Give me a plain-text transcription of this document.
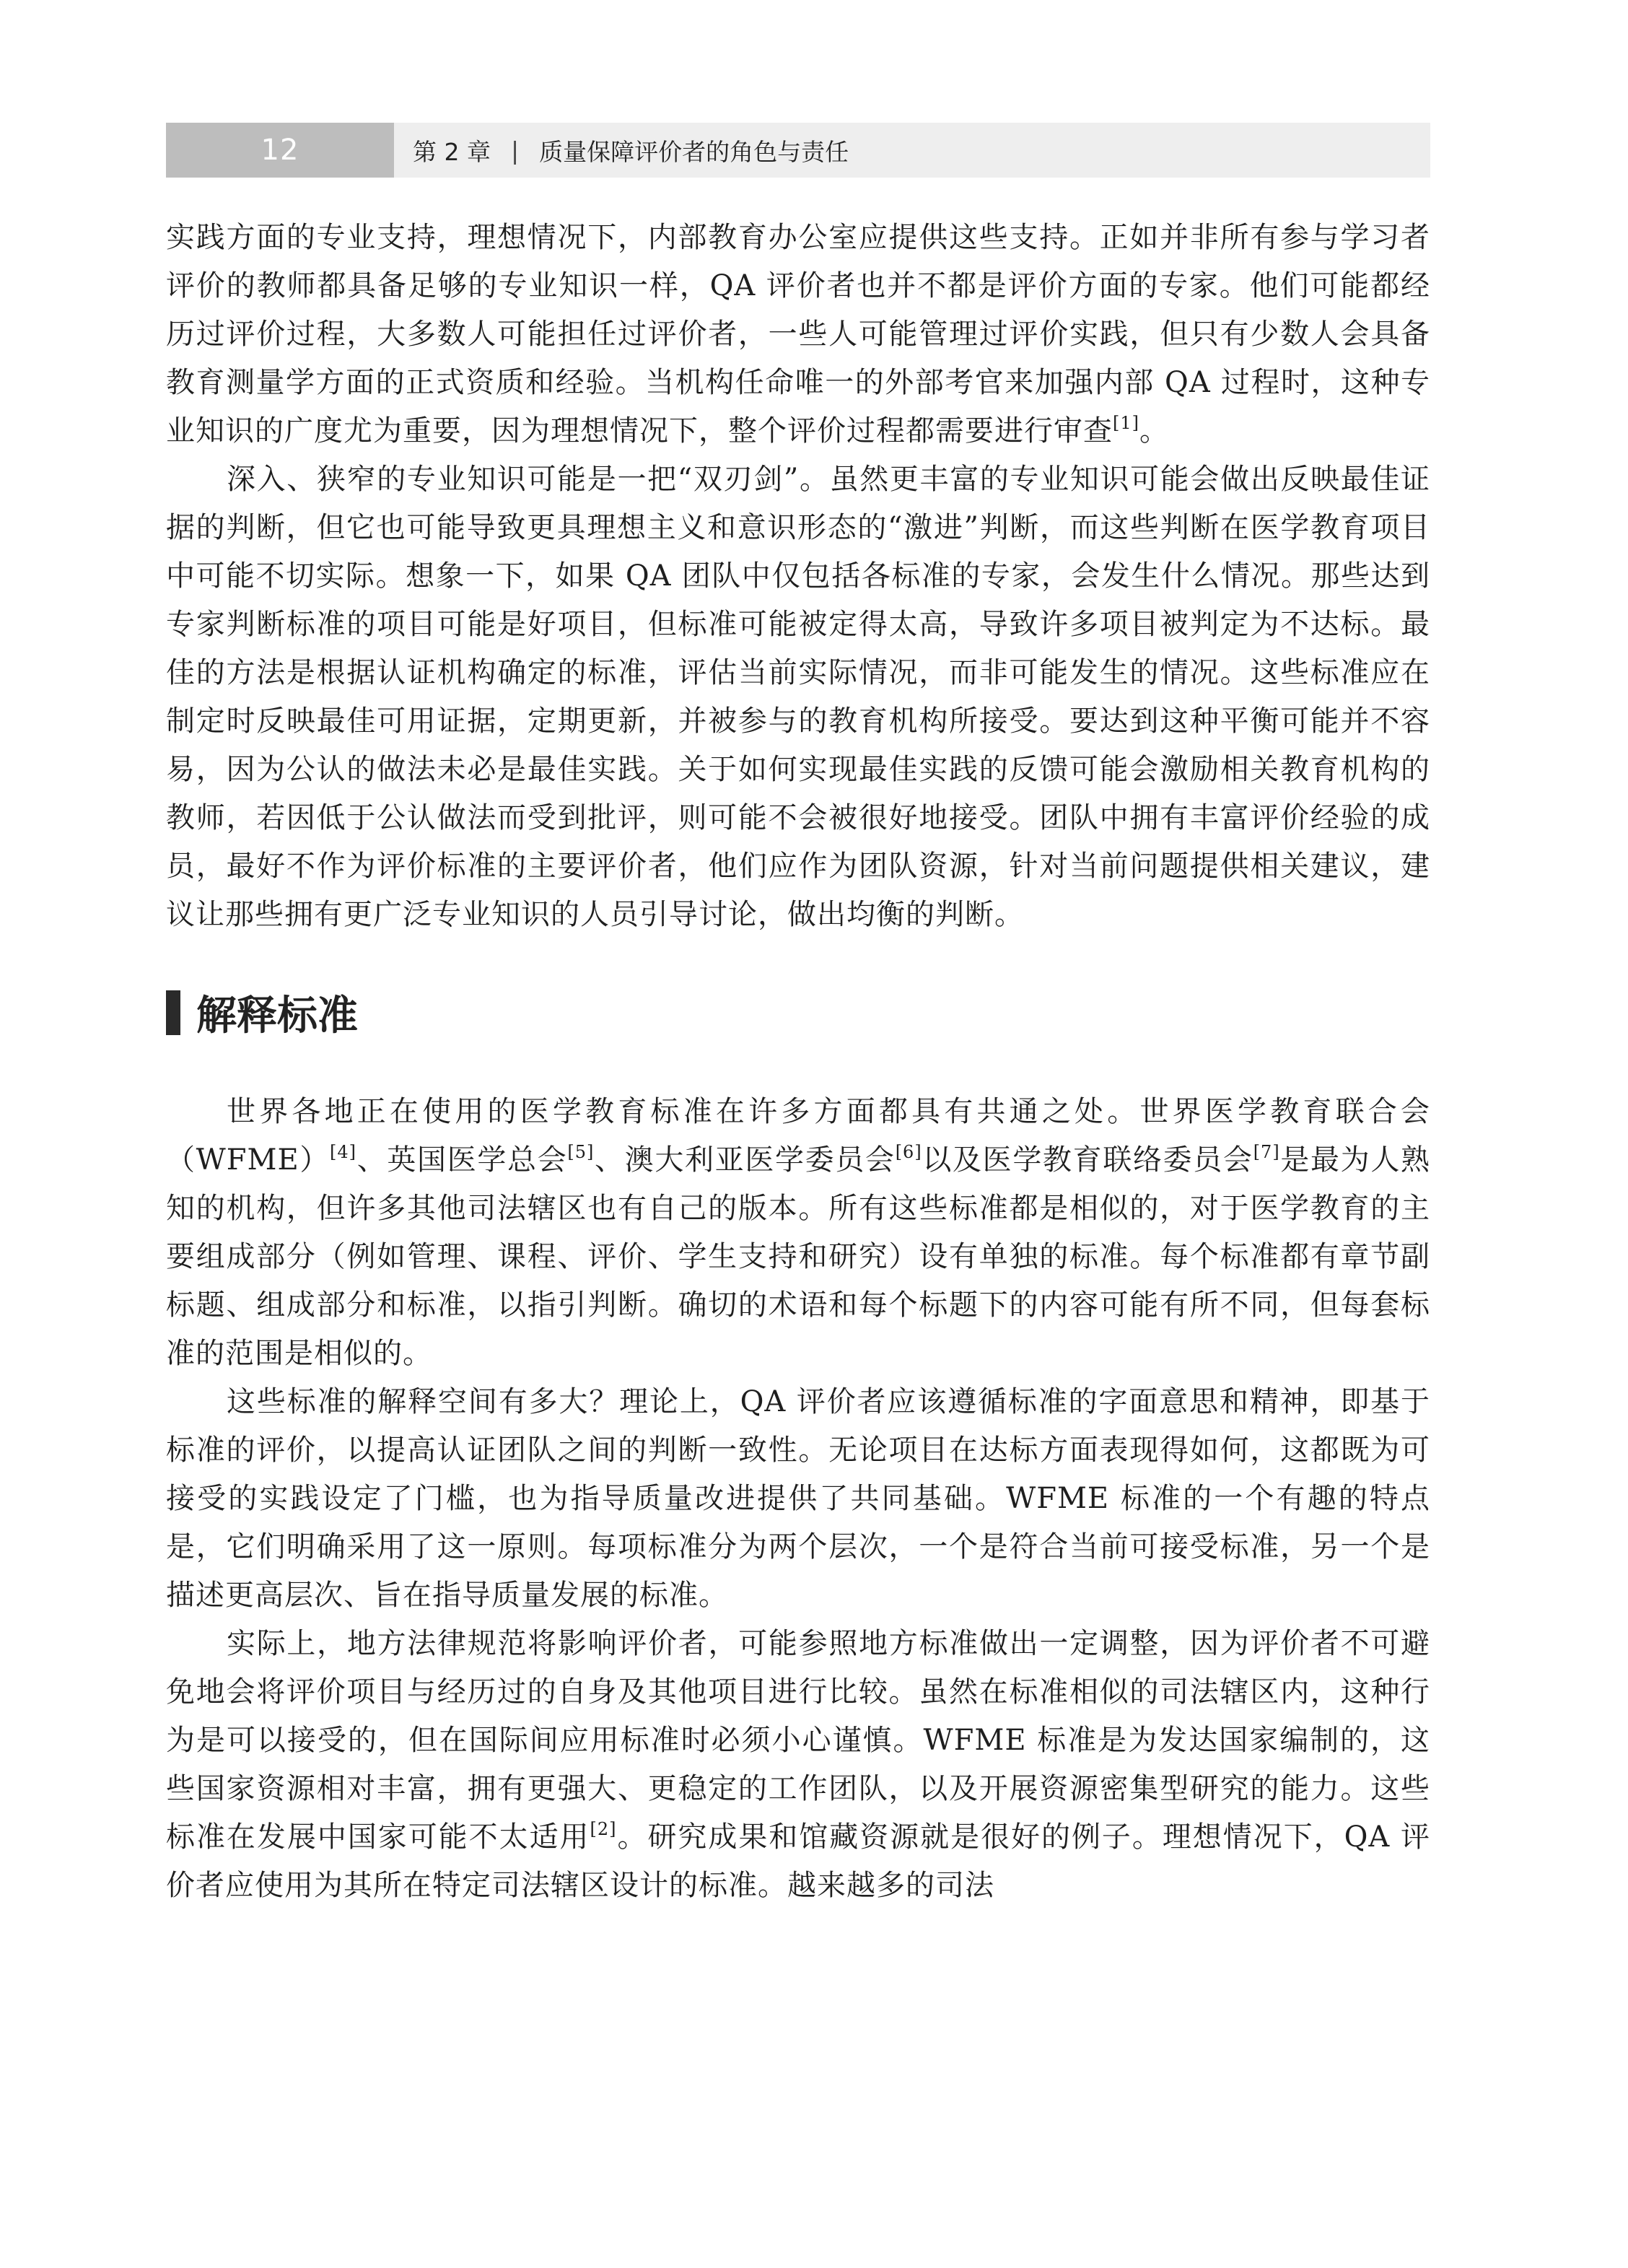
12	第 2 章 | 质量保障评价者的角色与责任

实践方面的专业支持，理想情况下，内部教育办公室应提供这些支持。正如并非所有参与学习者评价的教师都具备足够的专业知识一样，QA 评价者也并不都是评价方面的专家。他们可能都经历过评价过程，大多数人可能担任过评价者，一些人可能管理过评价实践，但只有少数人会具备教育测量学方面的正式资质和经验。当机构任命唯一的外部考官来加强内部 QA 过程时，这种专业知识的广度尤为重要，因为理想情况下，整个评价过程都需要进行审查[1]。

深入、狭窄的专业知识可能是一把“双刃剑”。虽然更丰富的专业知识可能会做出反映最佳证据的判断，但它也可能导致更具理想主义和意识形态的“激进”判断，而这些判断在医学教育项目中可能不切实际。想象一下，如果 QA 团队中仅包括各标准的专家，会发生什么情况。那些达到专家判断标准的项目可能是好项目，但标准可能被定得太高，导致许多项目被判定为不达标。最佳的方法是根据认证机构确定的标准，评估当前实际情况，而非可能发生的情况。这些标准应在制定时反映最佳可用证据，定期更新，并被参与的教育机构所接受。要达到这种平衡可能并不容易，因为公认的做法未必是最佳实践。关于如何实现最佳实践的反馈可能会激励相关教育机构的教师，若因低于公认做法而受到批评，则可能不会被很好地接受。团队中拥有丰富评价经验的成员，最好不作为评价标准的主要评价者，他们应作为团队资源，针对当前问题提供相关建议，建议让那些拥有更广泛专业知识的人员引导讨论，做出均衡的判断。

解释标准

世界各地正在使用的医学教育标准在许多方面都具有共通之处。世界医学教育联合会（WFME）[4]、英国医学总会[5]、澳大利亚医学委员会[6]以及医学教育联络委员会[7]是最为人熟知的机构，但许多其他司法辖区也有自己的版本。所有这些标准都是相似的，对于医学教育的主要组成部分（例如管理、课程、评价、学生支持和研究）设有单独的标准。每个标准都有章节副标题、组成部分和标准，以指引判断。确切的术语和每个标题下的内容可能有所不同，但每套标准的范围是相似的。

这些标准的解释空间有多大？理论上，QA 评价者应该遵循标准的字面意思和精神，即基于标准的评价，以提高认证团队之间的判断一致性。无论项目在达标方面表现得如何，这都既为可接受的实践设定了门槛，也为指导质量改进提供了共同基础。WFME 标准的一个有趣的特点是，它们明确采用了这一原则。每项标准分为两个层次，一个是符合当前可接受标准，另一个是描述更高层次、旨在指导质量发展的标准。

实际上，地方法律规范将影响评价者，可能参照地方标准做出一定调整，因为评价者不可避免地会将评价项目与经历过的自身及其他项目进行比较。虽然在标准相似的司法辖区内，这种行为是可以接受的，但在国际间应用标准时必须小心谨慎。WFME 标准是为发达国家编制的，这些国家资源相对丰富，拥有更强大、更稳定的工作团队，以及开展资源密集型研究的能力。这些标准在发展中国家可能不太适用[2]。研究成果和馆藏资源就是很好的例子。理想情况下，QA 评价者应使用为其所在特定司法辖区设计的标准。越来越多的司法
